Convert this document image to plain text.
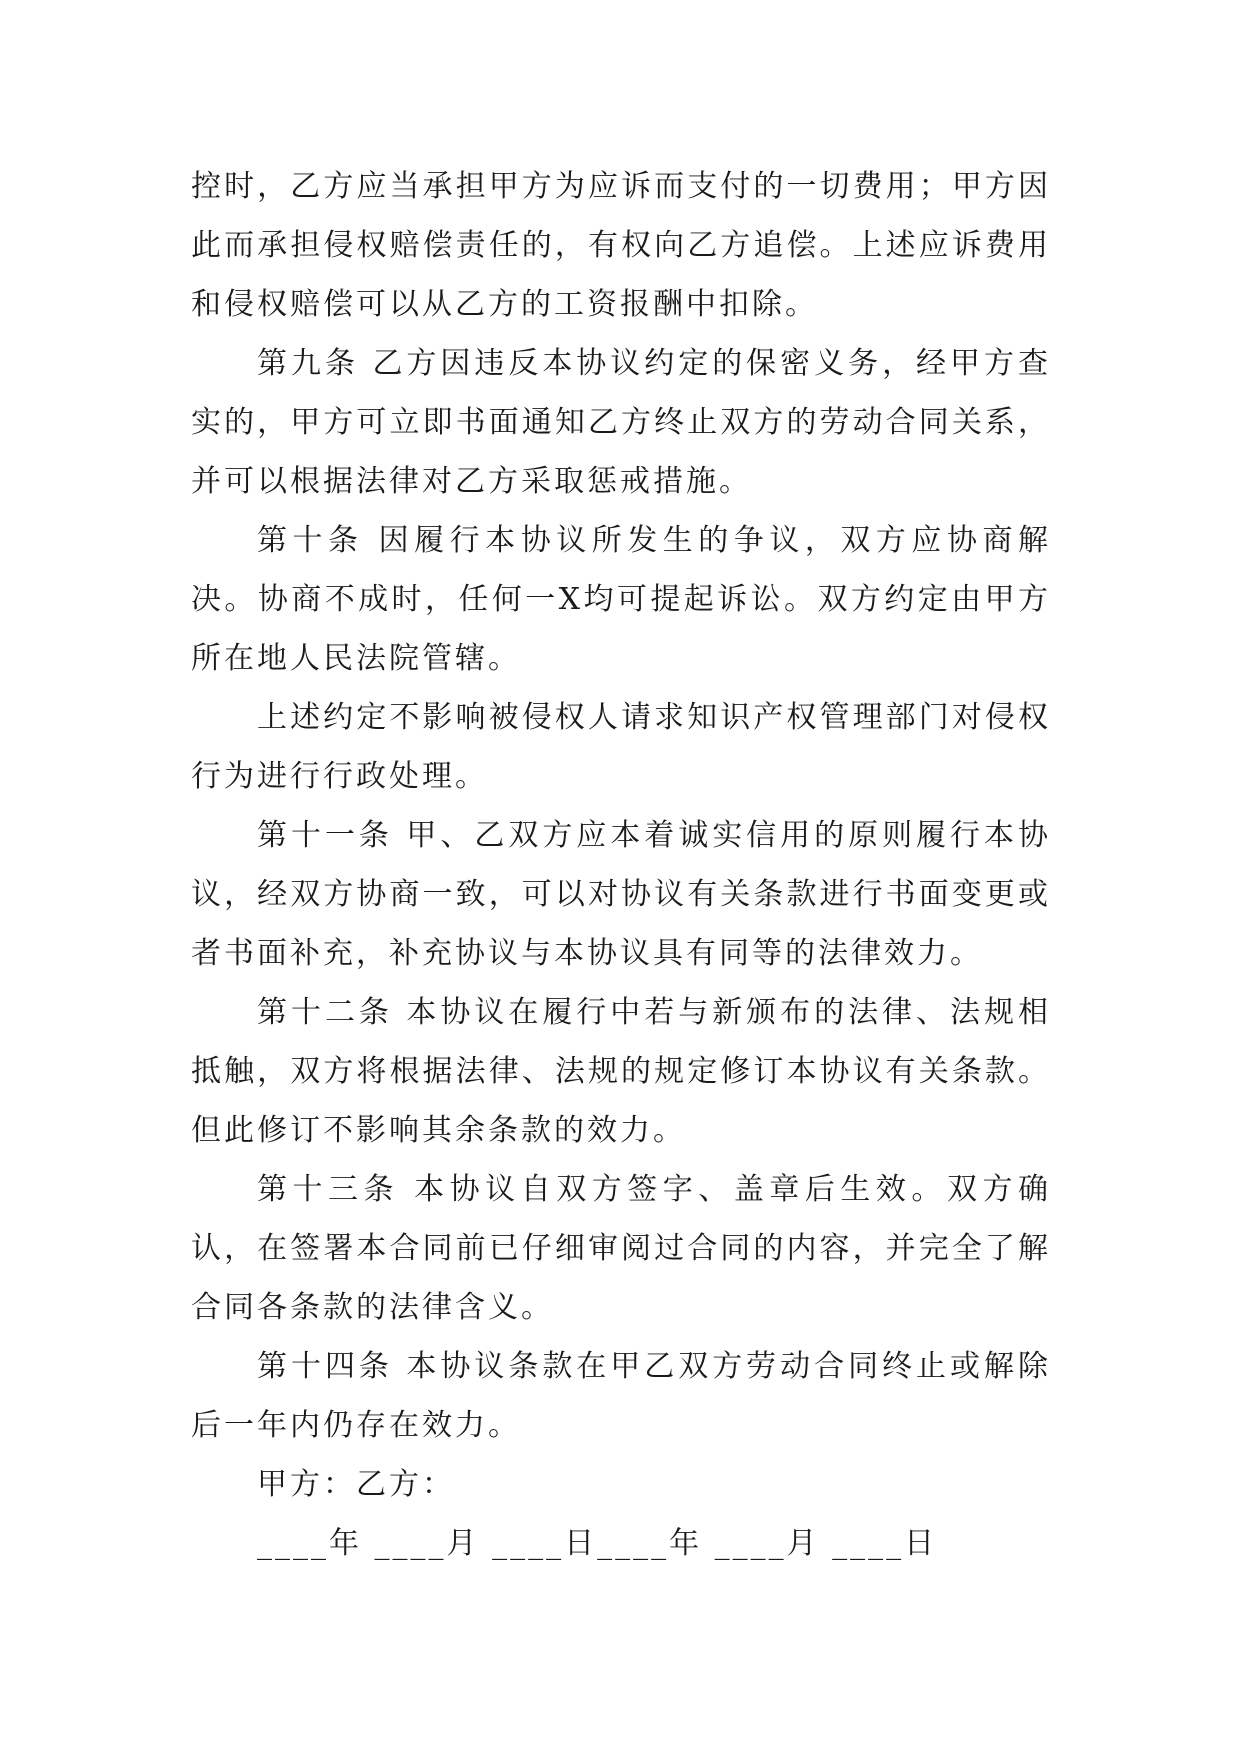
控时，乙方应当承担甲方为应诉而支付的一切费用；甲方因此而承担侵权赔偿责任的，有权向乙方追偿。上述应诉费用和侵权赔偿可以从乙方的工资报酬中扣除。

第九条 乙方因违反本协议约定的保密义务，经甲方查实的，甲方可立即书面通知乙方终止双方的劳动合同关系，并可以根据法律对乙方采取惩戒措施。

第十条 因履行本协议所发生的争议，双方应协商解决。协商不成时，任何一X均可提起诉讼。双方约定由甲方所在地人民法院管辖。

上述约定不影响被侵权人请求知识产权管理部门对侵权行为进行行政处理。

第十一条 甲、乙双方应本着诚实信用的原则履行本协议，经双方协商一致，可以对协议有关条款进行书面变更或者书面补充，补充协议与本协议具有同等的法律效力。

第十二条 本协议在履行中若与新颁布的法律、法规相抵触，双方将根据法律、法规的规定修订本协议有关条款。但此修订不影响其余条款的效力。

第十三条 本协议自双方签字、盖章后生效。双方确认，在签署本合同前已仔细审阅过合同的内容，并完全了解合同各条款的法律含义。

第十四条 本协议条款在甲乙双方劳动合同终止或解除后一年内仍存在效力。

甲方：乙方：

____年 ____月 ____日____年 ____月 ____日
